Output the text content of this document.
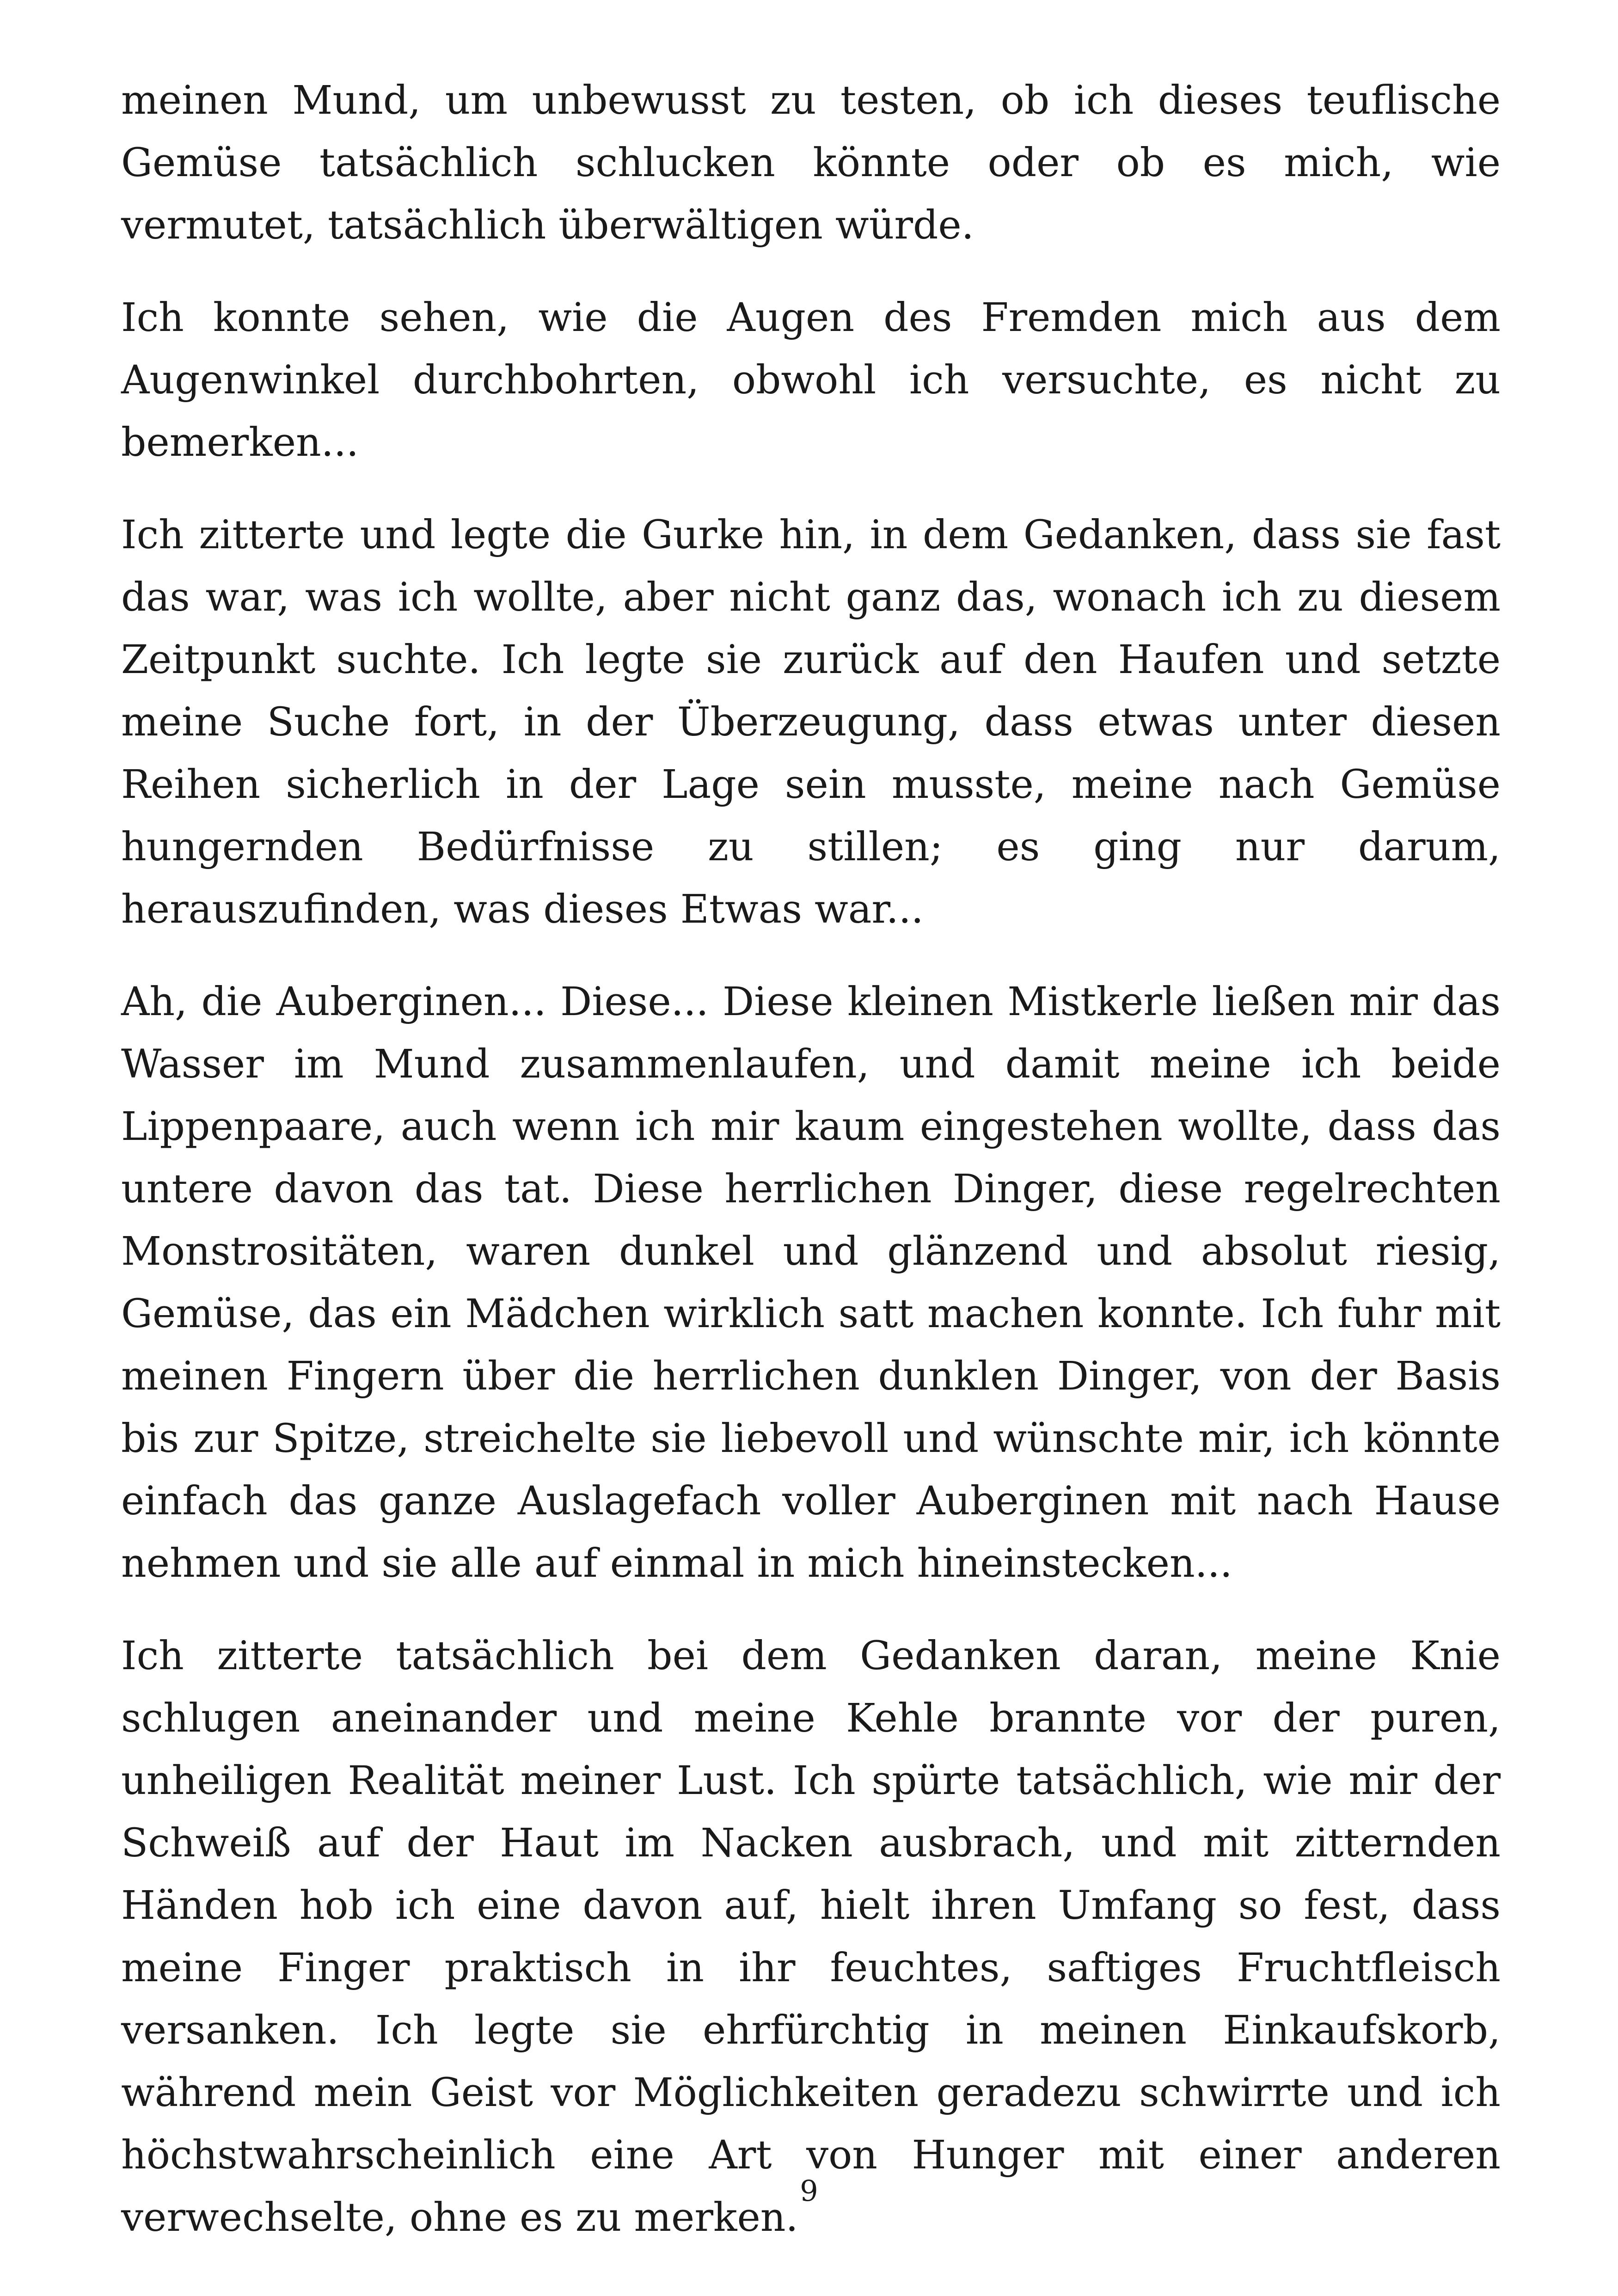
meinen Mund, um unbewusst zu testen, ob ich dieses teuflische Gemüse tatsächlich schlucken könnte oder ob es mich, wie vermutet, tatsächlich überwältigen würde.

Ich konnte sehen, wie die Augen des Fremden mich aus dem Augenwinkel durchbohrten, obwohl ich versuchte, es nicht zu bemerken...

Ich zitterte und legte die Gurke hin, in dem Gedanken, dass sie fast das war, was ich wollte, aber nicht ganz das, wonach ich zu diesem Zeitpunkt suchte. Ich legte sie zurück auf den Haufen und setzte meine Suche fort, in der Überzeugung, dass etwas unter diesen Reihen sicherlich in der Lage sein musste, meine nach Gemüse hungernden Bedürfnisse zu stillen; es ging nur darum, herauszufinden, was dieses Etwas war...

Ah, die Auberginen... Diese... Diese kleinen Mistkerle ließen mir das Wasser im Mund zusammenlaufen, und damit meine ich beide Lippenpaare, auch wenn ich mir kaum eingestehen wollte, dass das untere davon das tat. Diese herrlichen Dinger, diese regelrechten Monstrositäten, waren dunkel und glänzend und absolut riesig, Gemüse, das ein Mädchen wirklich satt machen konnte. Ich fuhr mit meinen Fingern über die herrlichen dunklen Dinger, von der Basis bis zur Spitze, streichelte sie liebevoll und wünschte mir, ich könnte einfach das ganze Auslagefach voller Auberginen mit nach Hause nehmen und sie alle auf einmal in mich hineinstecken...

Ich zitterte tatsächlich bei dem Gedanken daran, meine Knie schlugen aneinander und meine Kehle brannte vor der puren, unheiligen Realität meiner Lust. Ich spürte tatsächlich, wie mir der Schweiß auf der Haut im Nacken ausbrach, und mit zitternden Händen hob ich eine davon auf, hielt ihren Umfang so fest, dass meine Finger praktisch in ihr feuchtes, saftiges Fruchtfleisch versanken. Ich legte sie ehrfürchtig in meinen Einkaufskorb, während mein Geist vor Möglichkeiten geradezu schwirrte und ich höchstwahrscheinlich eine Art von Hunger mit einer anderen verwechselte, ohne es zu merken.

9
